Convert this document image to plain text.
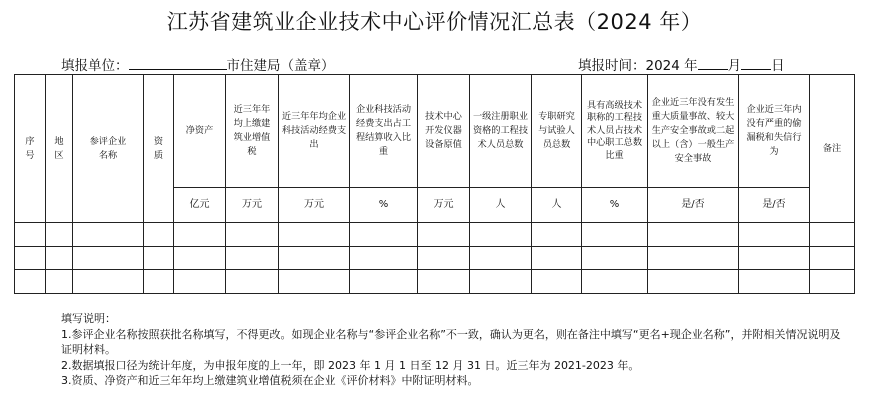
江苏省建筑业企业技术中心评价情况汇总表（2024 年）
填报单位：	市住建局（盖章）	填报时间：2024 年 月 日
序号	地区	参评企业名称	资质	净资产	近三年年均上缴建筑业增值税	近三年年均企业科技活动经费支出	企业科技活动经费支出占工程结算收入比重	技术中心开发仪器设备原值	一级注册职业资格的工程技术人员总数	专职研究与试验人员总数	具有高级技术职称的工程技术人员占技术中心职工总数比重	企业近三年没有发生重大质量事故、较大生产安全事故或二起以上（含）一般生产安全事故	企业近三年内没有严重的偷漏税和失信行为	备注

				亿元	万元	万元	%	万元	人	人	%	是/否	是/否	

填写说明：
1.参评企业名称按照获批名称填写，不得更改。如现企业名称与“参评企业名称”不一致，确认为更名，则在备注中填写“更名+现企业名称”，并附相关情况说明及证明材料。
2.数据填报口径为统计年度，为申报年度的上一年，即 2023 年 1 月 1 日至 12 月 31 日。近三年为 2021-2023 年。
3.资质、净资产和近三年年均上缴建筑业增值税须在企业《评价材料》中附证明材料。
